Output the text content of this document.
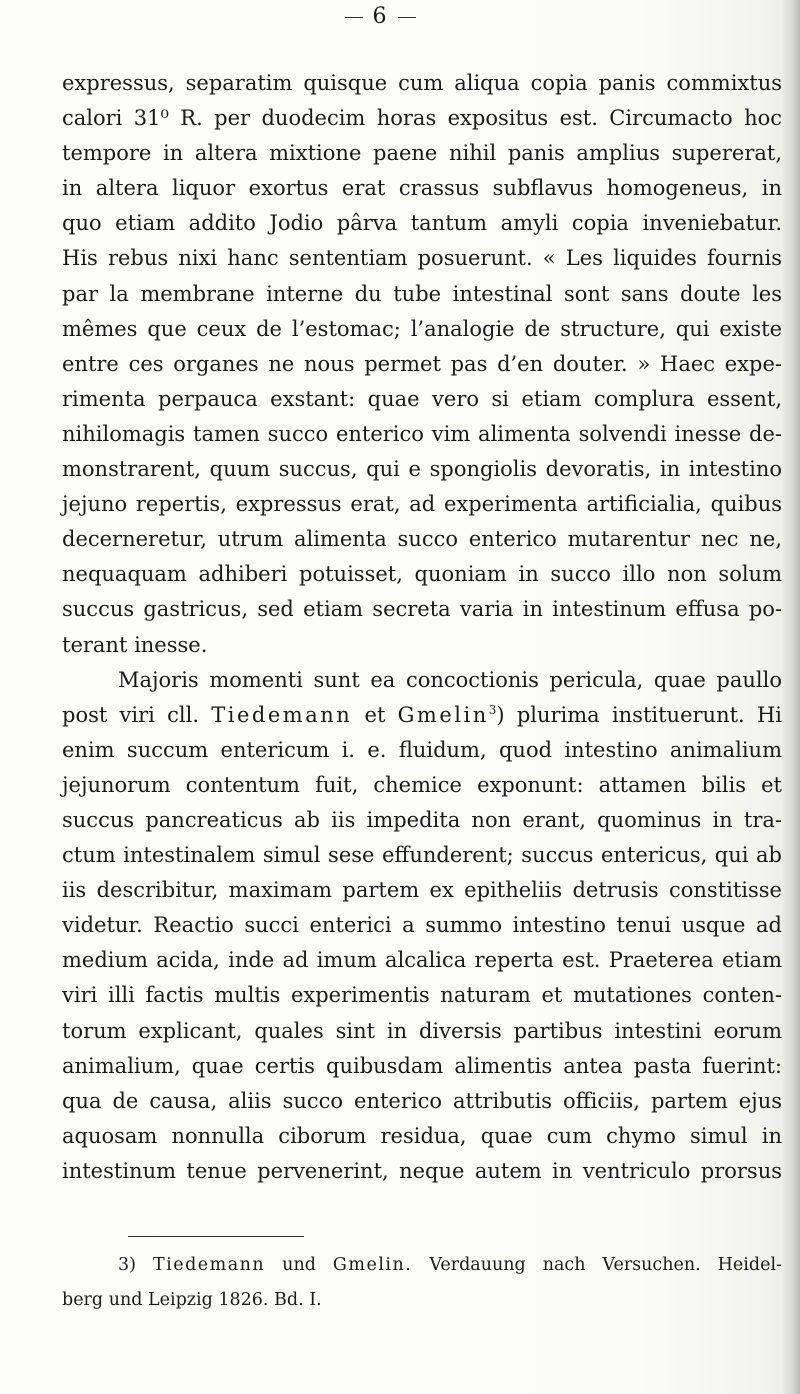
6
expressus, separatim quisque cum aliqua copia panis commixtus
calori 31⁰ R. per duodecim horas expositus est. Circumacto hoc
tempore in altera mixtione paene nihil panis amplius supererat,
in altera liquor exortus erat crassus subflavus homogeneus, in
quo etiam addito Jodio pârva tantum amyli copia inveniebatur.
His rebus nixi hanc sententiam posuerunt. « Les liquides fournis
par la membrane interne du tube intestinal sont sans doute les
mêmes que ceux de l’estomac; l’analogie de structure, qui existe
entre ces organes ne nous permet pas d’en douter. » Haec expe-
rimenta perpauca exstant: quae vero si etiam complura essent,
nihilomagis tamen succo enterico vim alimenta solvendi inesse de-
monstrarent, quum succus, qui e spongiolis devoratis, in intestino
jejuno repertis, expressus erat, ad experimenta artificialia, quibus
decerneretur, utrum alimenta succo enterico mutarentur nec ne,
nequaquam adhiberi potuisset, quoniam in succo illo non solum
succus gastricus, sed etiam secreta varia in intestinum effusa po-
terant inesse.
Majoris momenti sunt ea concoctionis pericula, quae paullo
post viri cll. Tiedemann et Gmelin$^3$) plurima instituerunt. Hi
enim succum entericum i. e. fluidum, quod intestino animalium
jejunorum contentum fuit, chemice exponunt: attamen bilis et
succus pancreaticus ab iis impedita non erant, quominus in tra-
ctum intestinalem simul sese effunderent; succus entericus, qui ab
iis describitur, maximam partem ex epitheliis detrusis constitisse
videtur. Reactio succi enterici a summo intestino tenui usque ad
medium acida, inde ad imum alcalica reperta est. Praeterea etiam
viri illi factis multis experimentis naturam et mutationes conten-
torum explicant, quales sint in diversis partibus intestini eorum
animalium, quae certis quibusdam alimentis antea pasta fuerint:
qua de causa, aliis succo enterico attributis officiis, partem ejus
aquosam nonnulla ciborum residua, quae cum chymo simul in
intestinum tenue pervenerint, neque autem in ventriculo prorsus
3) Tiedemann und Gmelin. Verdauung nach Versuchen. Heidel-
berg und Leipzig 1826. Bd. I.
